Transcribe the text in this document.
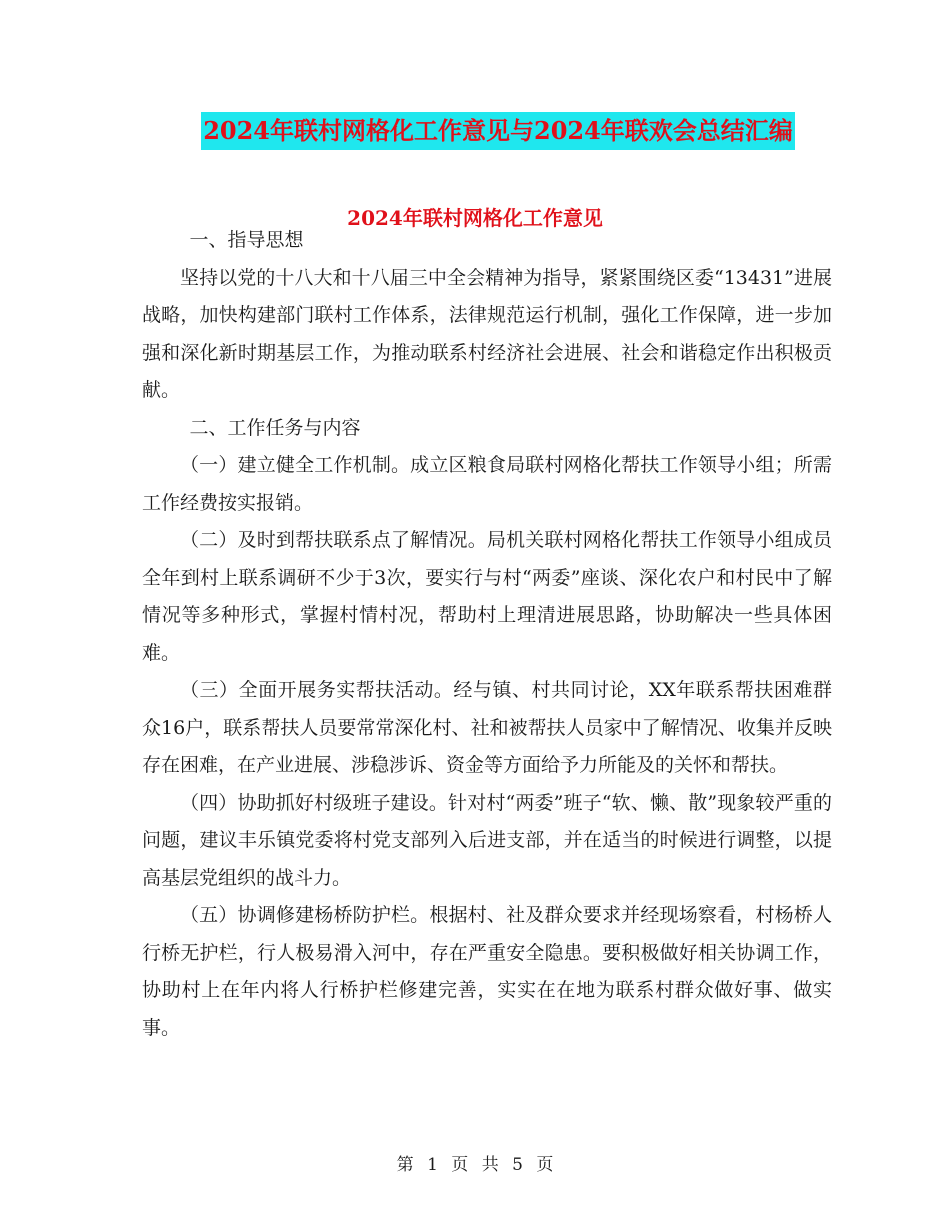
2024年联村网格化工作意见与2024年联欢会总结汇编
2024年联村网格化工作意见

一、指导思想

坚持以党的十八大和十八届三中全会精神为指导，紧紧围绕区委“13431”进展战略，加快构建部门联村工作体系，法律规范运行机制，强化工作保障，进一步加强和深化新时期基层工作，为推动联系村经济社会进展、社会和谐稳定作出积极贡献。

二、工作任务与内容

（一）建立健全工作机制。成立区粮食局联村网格化帮扶工作领导小组；所需工作经费按实报销。

（二）及时到帮扶联系点了解情况。局机关联村网格化帮扶工作领导小组成员全年到村上联系调研不少于3次，要实行与村“两委”座谈、深化农户和村民中了解情况等多种形式，掌握村情村况，帮助村上理清进展思路，协助解决一些具体困难。

（三）全面开展务实帮扶活动。经与镇、村共同讨论，XX年联系帮扶困难群众16户，联系帮扶人员要常常深化村、社和被帮扶人员家中了解情况、收集并反映存在困难，在产业进展、涉稳涉诉、资金等方面给予力所能及的关怀和帮扶。

（四）协助抓好村级班子建设。针对村“两委”班子“软、懒、散”现象较严重的问题，建议丰乐镇党委将村党支部列入后进支部，并在适当的时候进行调整，以提高基层党组织的战斗力。

（五）协调修建杨桥防护栏。根据村、社及群众要求并经现场察看，村杨桥人行桥无护栏，行人极易滑入河中，存在严重安全隐患。要积极做好相关协调工作，协助村上在年内将人行桥护栏修建完善，实实在在地为联系村群众做好事、做实事。

第 1 页 共 5 页
